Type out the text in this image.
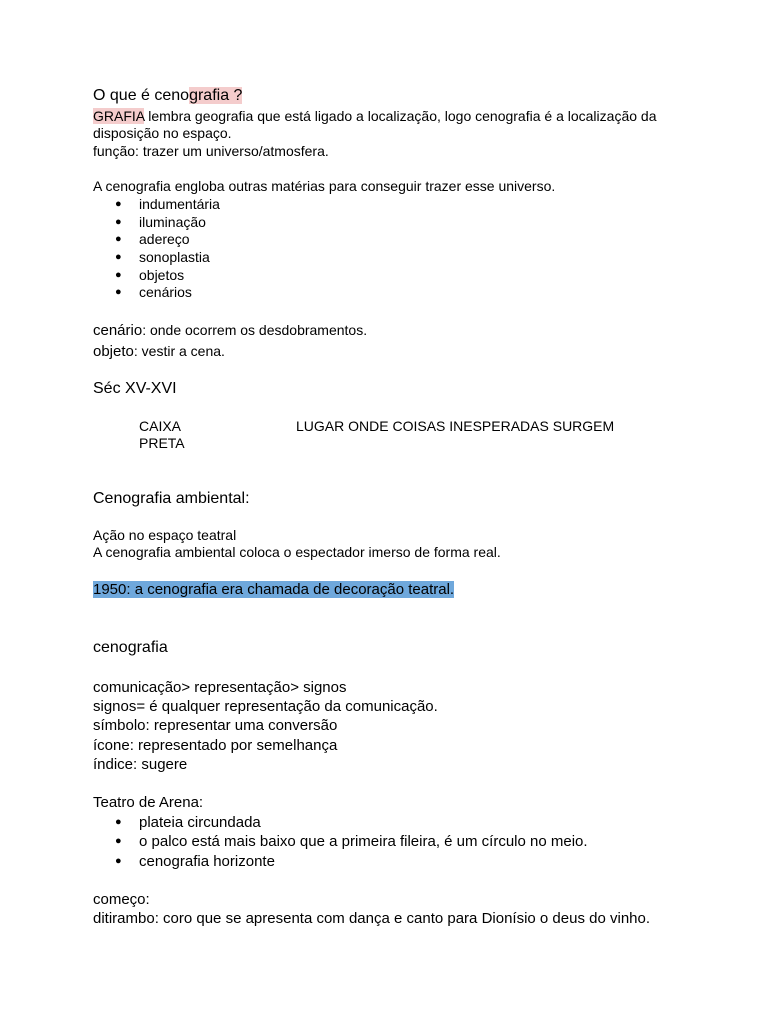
O que é cenografia ?
GRAFIA lembra geografia que está ligado a localização, logo cenografia é a localização da
disposição no espaço.
função: trazer um universo/atmosfera.
A cenografia engloba outras matérias para conseguir trazer esse universo.
● indumentária
● iluminação
● adereço
● sonoplastia
● objetos
● cenários
cenário: onde ocorrem os desdobramentos.
objeto: vestir a cena.
Séc XV-XVI
CAIXA
PRETA
LUGAR ONDE COISAS INESPERADAS SURGEM
Cenografia ambiental:
Ação no espaço teatral
A cenografia ambiental coloca o espectador imerso de forma real.
1950: a cenografia era chamada de decoração teatral.
cenografia
comunicação> representação> signos
signos= é qualquer representação da comunicação.
símbolo: representar uma conversão
ícone: representado por semelhança
índice: sugere
Teatro de Arena:
● plateia circundada
● o palco está mais baixo que a primeira fileira, é um círculo no meio.
● cenografia horizonte
começo:
ditirambo: coro que se apresenta com dança e canto para Dionísio o deus do vinho.
